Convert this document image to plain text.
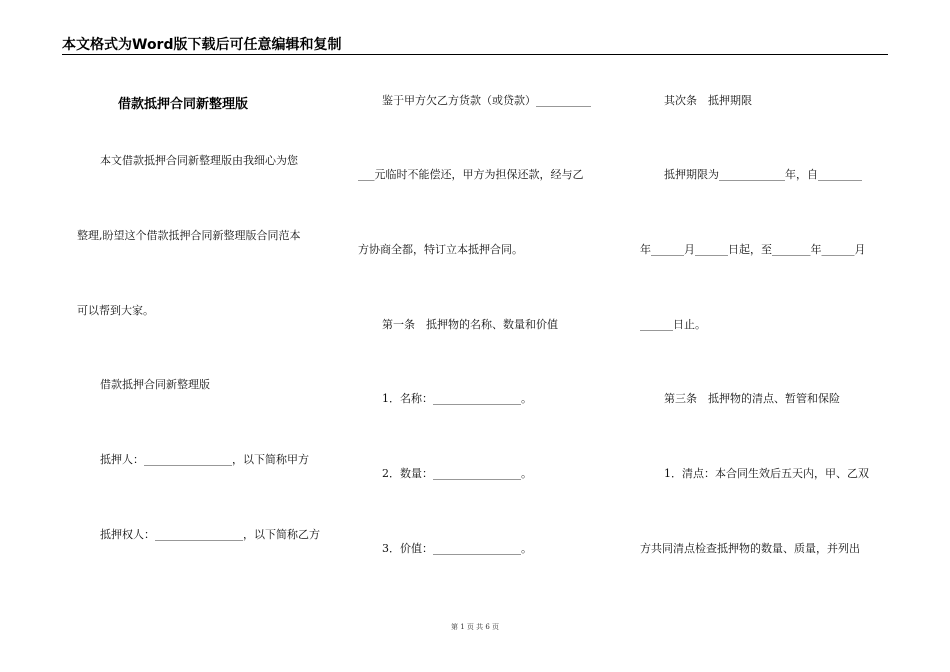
本文格式为Word版下载后可任意编辑和复制
借款抵押合同新整理版
本文借款抵押合同新整理版由我细心为您
整理,盼望这个借款抵押合同新整理版合同范本
可以帮到大家。
借款抵押合同新整理版
抵押人：________________，以下简称甲方
抵押权人：________________，以下简称乙方
鉴于甲方欠乙方货款（或贷款）__________
___元临时不能偿还，甲方为担保还款，经与乙
方协商全都，特订立本抵押合同。
第一条　抵押物的名称、数量和价值
1．名称：________________。
2．数量：________________。
3．价值：________________。
其次条　抵押期限
抵押期限为____________年，自________
年______月______日起，至_______年______月
______日止。
第三条　抵押物的清点、暂管和保险
1．清点：本合同生效后五天内，甲、乙双
方共同清点检查抵押物的数量、质量，并列出
第 1 页 共 6 页
